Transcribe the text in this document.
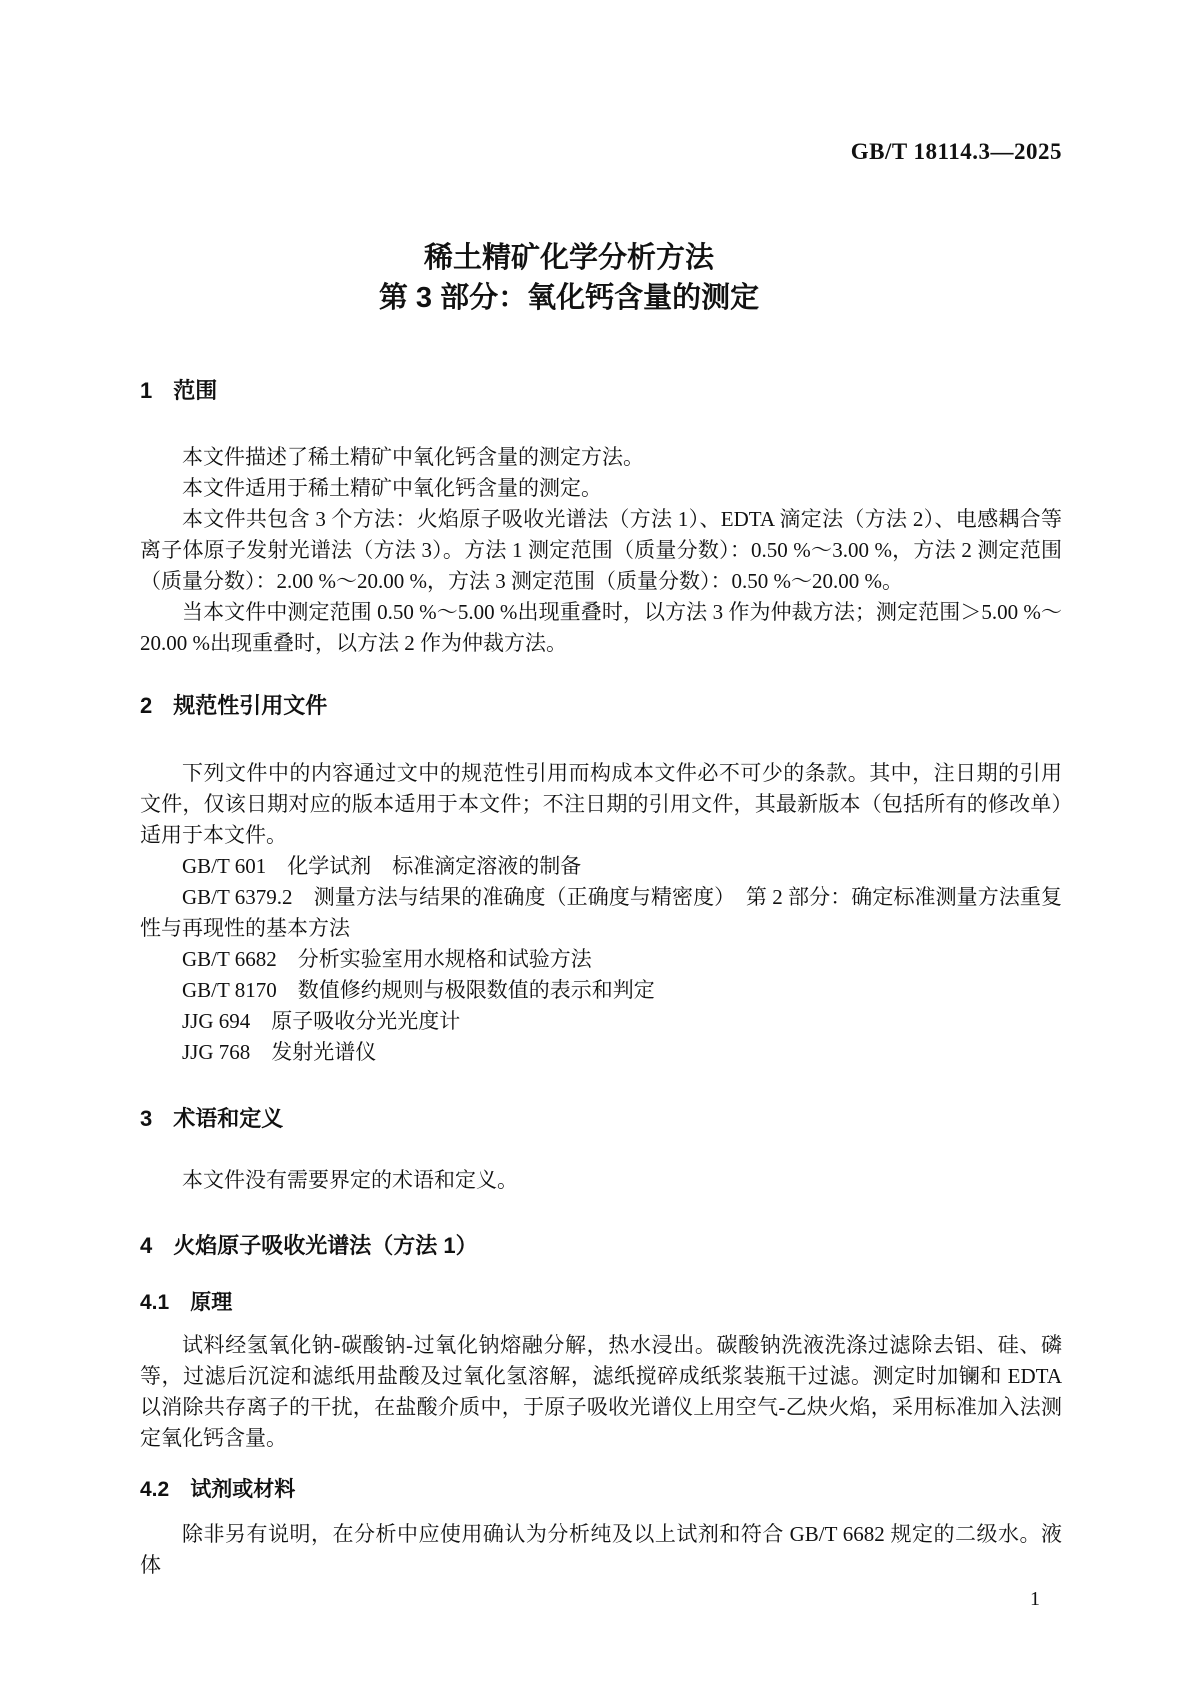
GB/T 18114.3—2025
稀土精矿化学分析方法
第 3 部分：氧化钙含量的测定
1 范围

本文件描述了稀土精矿中氧化钙含量的测定方法。

本文件适用于稀土精矿中氧化钙含量的测定。

本文件共包含 3 个方法：火焰原子吸收光谱法（方法 1）、EDTA 滴定法（方法 2）、电感耦合等离子体原子发射光谱法（方法 3）。方法 1 测定范围（质量分数）：0.50 %～3.00 %，方法 2 测定范围（质量分数）：2.00 %～20.00 %，方法 3 测定范围（质量分数）：0.50 %～20.00 %。

当本文件中测定范围 0.50 %～5.00 %出现重叠时，以方法 3 作为仲裁方法；测定范围＞5.00 %～20.00 %出现重叠时，以方法 2 作为仲裁方法。

2 规范性引用文件

下列文件中的内容通过文中的规范性引用而构成本文件必不可少的条款。其中，注日期的引用文件，仅该日期对应的版本适用于本文件；不注日期的引用文件，其最新版本（包括所有的修改单）适用于本文件。

GB/T 601　化学试剂　标准滴定溶液的制备

GB/T 6379.2　测量方法与结果的准确度（正确度与精密度）　第 2 部分：确定标准测量方法重复性与再现性的基本方法

GB/T 6682　分析实验室用水规格和试验方法

GB/T 8170　数值修约规则与极限数值的表示和判定

JJG 694　原子吸收分光光度计

JJG 768　发射光谱仪

3 术语和定义

本文件没有需要界定的术语和定义。

4 火焰原子吸收光谱法（方法 1）
4.1 原理

试料经氢氧化钠-碳酸钠-过氧化钠熔融分解，热水浸出。碳酸钠洗液洗涤过滤除去铝、硅、磷等，过滤后沉淀和滤纸用盐酸及过氧化氢溶解，滤纸搅碎成纸浆装瓶干过滤。测定时加镧和 EDTA 以消除共存离子的干扰，在盐酸介质中，于原子吸收光谱仪上用空气-乙炔火焰，采用标准加入法测定氧化钙含量。

4.2 试剂或材料

除非另有说明，在分析中应使用确认为分析纯及以上试剂和符合 GB/T 6682 规定的二级水。液体

1
